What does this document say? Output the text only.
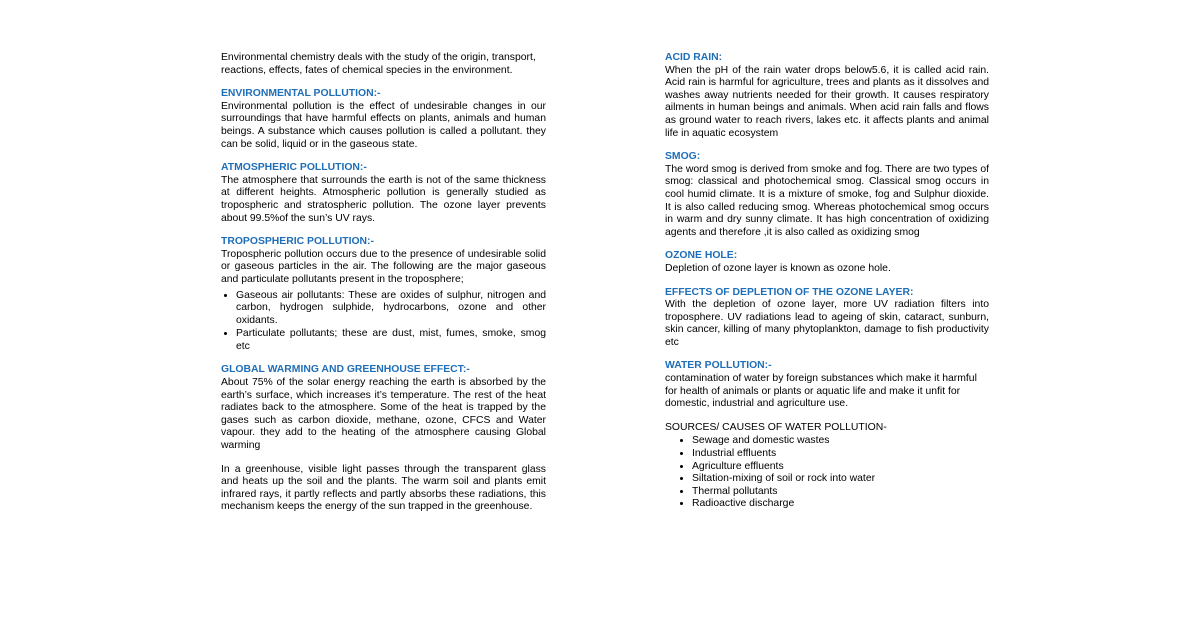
Environmental chemistry deals with the study of the origin, transport, reactions, effects, fates of chemical species in the environment.

ENVIRONMENTAL POLLUTION:-

Environmental pollution is the effect of undesirable changes in our surroundings that have harmful effects on plants, animals and human beings. A substance which causes pollution is called a pollutant. they can be solid, liquid or in the gaseous state.

ATMOSPHERIC POLLUTION:-

The atmosphere that surrounds the earth is not of the same thickness at different heights. Atmospheric pollution is generally studied as tropospheric and stratospheric pollution. The ozone layer prevents about 99.5%of the sun’s UV rays.

TROPOSPHERIC POLLUTION:-

Tropospheric pollution occurs due to the presence of undesirable solid or gaseous particles in the air. The following are the major gaseous and particulate pollutants present in the troposphere;

• Gaseous air pollutants: These are oxides of sulphur, nitrogen and carbon, hydrogen sulphide, hydrocarbons, ozone and other oxidants.
• Particulate pollutants; these are dust, mist, fumes, smoke, smog etc
GLOBAL WARMING AND GREENHOUSE EFFECT:-

About 75% of the solar energy reaching the earth is absorbed by the earth’s surface, which increases it’s temperature. The rest of the heat radiates back to the atmosphere. Some of the heat is trapped by the gases such as carbon dioxide, methane, ozone, CFCS and Water vapour. they add to the heating of the atmosphere causing Global warming

In a greenhouse, visible light passes through the transparent glass and heats up the soil and the plants. The warm soil and plants emit infrared rays, it partly reflects and partly absorbs these radiations, this mechanism keeps the energy of the sun trapped in the greenhouse.

ACID RAIN:

When the pH of the rain water drops below5.6, it is called acid rain. Acid rain is harmful for agriculture, trees and plants as it dissolves and washes away nutrients needed for their growth. It causes respiratory ailments in human beings and animals. When acid rain falls and flows as ground water to reach rivers, lakes etc. it affects plants and animal life in aquatic ecosystem

SMOG:

The word smog is derived from smoke and fog. There are two types of smog: classical and photochemical smog. Classical smog occurs in cool humid climate. It is a mixture of smoke, fog and Sulphur dioxide. It is also called reducing smog. Whereas photochemical smog occurs in warm and dry sunny climate. It has high concentration of oxidizing agents and therefore ,it is also called as oxidizing smog

OZONE HOLE:

Depletion of ozone layer is known as ozone hole.

EFFECTS OF DEPLETION OF THE OZONE LAYER:

With the depletion of ozone layer, more UV radiation filters into troposphere. UV radiations lead to ageing of skin, cataract, sunburn, skin cancer, killing of many phytoplankton, damage to fish productivity etc

WATER POLLUTION:-

contamination of water by foreign substances which make it harmful for health of animals or plants or aquatic life and make it unfit for domestic, industrial and agriculture use.

SOURCES/ CAUSES OF WATER POLLUTION-

• Sewage and domestic wastes
• Industrial effluents
• Agriculture effluents
• Siltation-mixing of soil or rock into water
• Thermal pollutants
• Radioactive discharge
